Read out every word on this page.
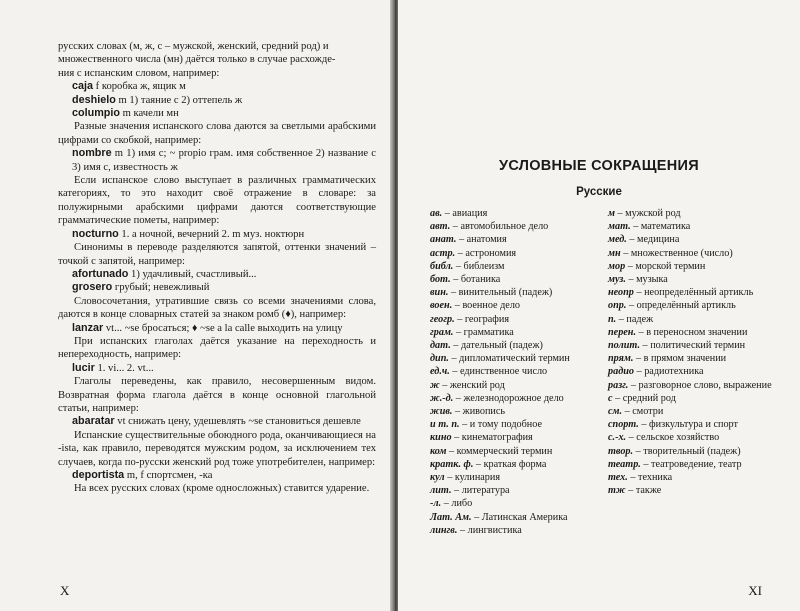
русских словах (м, ж, с – мужской, женский, средний род) и

множественного числа (мн) даётся только в случае расхожде-

ния с испанским словом, например:

caja f коробка ж, ящик м

deshielo m 1) таяние с 2) оттепель ж

columpio m качели мн

Разные значения испанского слова даются за светлыми арабскими цифрами со скобкой, например:

nombre m 1) имя с; ~ propio грам. имя собственное 2) название с 3) имя с, известность ж

Если испанское слово выступает в различных грамматических категориях, то это находит своё отражение в словаре: за полужирными арабскими цифрами даются соответствующие грамматические пометы, например:

nocturno 1. a ночной, вечерний 2. m муз. ноктюрн

Синонимы в переводе разделяются запятой, оттенки значений – точкой с запятой, например:

afortunado 1) удачливый, счастливый...

grosero грубый; невежливый

Словосочетания, утратившие связь со всеми значениями слова, даются в конце словарных статей за знаком ромб (♦), например:

lanzar vt... ~se бросаться; ♦ ~se a la calle выходить на улицу

При испанских глаголах даётся указание на переходность и непереходность, например:

lucir 1. vi... 2. vt...

Глаголы переведены, как правило, несовершенным видом. Возвратная форма глагола даётся в конце основной глагольной статьи, например:

abaratar vt снижать цену, удешевлять ~se становиться дешевле

Испанские существительные обоюдного рода, оканчивающиеся на -ista, как правило, переводятся мужским родом, за исключением тех случаев, когда по-русски женский род тоже употребителен, например:

deportista m, f спортсмен, -ка

На всех русских словах (кроме односложных) ставится ударение.

X
УСЛОВНЫЕ СОКРАЩЕНИЯ
Русские

ав. – авиация

авт. – автомобильное дело

анат. – анатомия

астр. – астрономия

библ. – библеизм

бот. – ботаника

вин. – винительный (падеж)

воен. – военное дело

геогр. – география

грам. – грамматика

дат. – дательный (падеж)

дип. – дипломатический термин

ед.ч. – единственное число

ж – женский род

ж.-д. – железнодорожное дело

жив. – живопись

и т. п. – и тому подобное

кино – кинематография

ком – коммерческий термин

кратк. ф. – краткая форма

кул – кулинария

лит. – литература

-л. – либо

Лат. Ам. – Латинская Америка

лингв. – лингвистика

м – мужской род

мат. – математика

мед. – медицина

мн – множественное (число)

мор – морской термин

муз. – музыка

неопр – неопределённый артикль

опр. – определённый артикль

п. – падеж

перен. – в переносном значении

полит. – политический термин

прям. – в прямом значении

радио – радиотехника

разг. – разговорное слово, выражение

с – средний род

см. – смотри

спорт. – физкультура и спорт

с.-х. – сельское хозяйство

твор. – творительный (падеж)

театр. – театроведение, театр

тех. – техника

тж – также

XI
